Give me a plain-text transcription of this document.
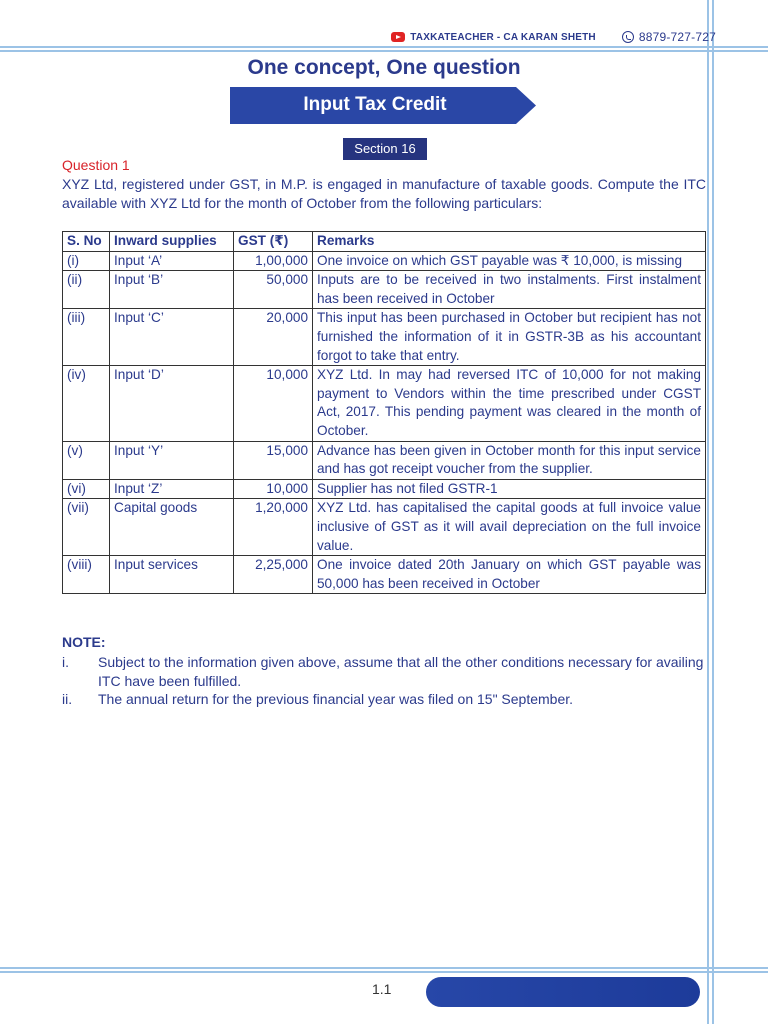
TAXKATEACHER - CA KARAN SHETH	8879-727-727
One concept, One question
Input Tax Credit
Section 16
Question 1
XYZ Ltd, registered under GST, in M.P. is engaged in manufacture of taxable goods. Compute the ITC available with XYZ Ltd for the month of October from the following particulars:
S. No	Inward supplies	GST (₹)	Remarks
(i)	Input ‘A’	1,00,000	One invoice on which GST payable was ₹ 10,000, is missing
(ii)	Input ‘B’	50,000	Inputs are to be received in two instalments. First instalment has been received in October
(iii)	Input ‘C’	20,000	This input has been purchased in October but recipient has not furnished the information of it in GSTR-3B as his accountant forgot to take that entry.
(iv)	Input ‘D’	10,000	XYZ Ltd. In may had reversed ITC of 10,000 for not making payment to Vendors within the time prescribed under CGST Act, 2017. This pending payment was cleared in the month of October.
(v)	Input ‘Y’	15,000	Advance has been given in October month for this input service and has got receipt voucher from the supplier.
(vi)	Input ‘Z’	10,000	Supplier has not filed GSTR-1
(vii)	Capital goods	1,20,000	XYZ Ltd. has capitalised the capital goods at full invoice value inclusive of GST as it will avail depreciation on the full invoice value.
(viii)	Input services	2,25,000	One invoice dated 20th January on which GST payable was 50,000 has been received in October
NOTE:
i.	Subject to the information given above, assume that all the other conditions necessary for availing ITC have been fulfilled.
ii.	The annual return for the previous financial year was filed on 15" September.
1.1
